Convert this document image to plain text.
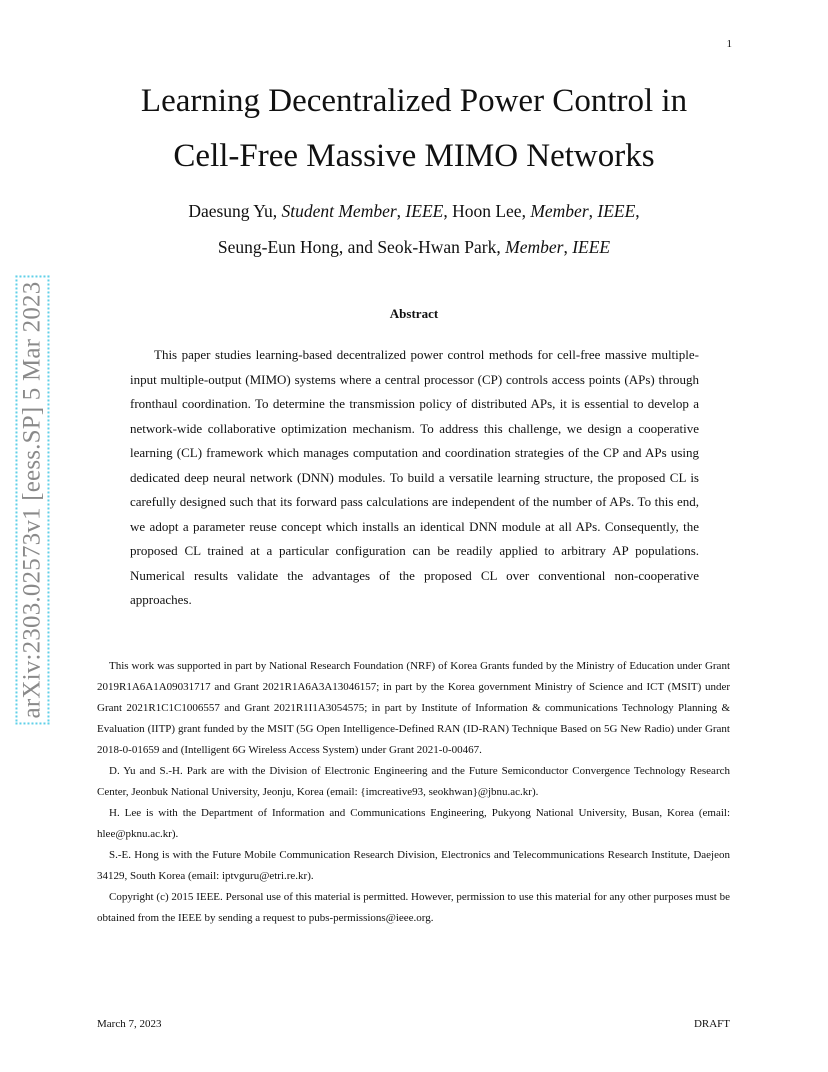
1
arXiv:2303.02573v1 [eess.SP] 5 Mar 2023
Learning Decentralized Power Control in
Cell-Free Massive MIMO Networks
Daesung Yu, Student Member, IEEE, Hoon Lee, Member, IEEE,
Seung-Eun Hong, and Seok-Hwan Park, Member, IEEE
Abstract

This paper studies learning-based decentralized power control methods for cell-free massive multiple-input multiple-output (MIMO) systems where a central processor (CP) controls access points (APs) through fronthaul coordination. To determine the transmission policy of distributed APs, it is essential to develop a network-wide collaborative optimization mechanism. To address this challenge, we design a cooperative learning (CL) framework which manages computation and coordination strategies of the CP and APs using dedicated deep neural network (DNN) modules. To build a versatile learning structure, the proposed CL is carefully designed such that its forward pass calculations are independent of the number of APs. To this end, we adopt a parameter reuse concept which installs an identical DNN module at all APs. Consequently, the proposed CL trained at a particular configuration can be readily applied to arbitrary AP populations. Numerical results validate the advantages of the proposed CL over conventional non-cooperative approaches.

This work was supported in part by National Research Foundation (NRF) of Korea Grants funded by the Ministry of Education under Grant 2019R1A6A1A09031717 and Grant 2021R1A6A3A13046157; in part by the Korea government Ministry of Science and ICT (MSIT) under Grant 2021R1C1C1006557 and Grant 2021R1I1A3054575; in part by Institute of Information & communications Technology Planning & Evaluation (IITP) grant funded by the MSIT (5G Open Intelligence-Defined RAN (ID-RAN) Technique Based on 5G New Radio) under Grant 2018-0-01659 and (Intelligent 6G Wireless Access System) under Grant 2021-0-00467.

D. Yu and S.-H. Park are with the Division of Electronic Engineering and the Future Semiconductor Convergence Technology Research Center, Jeonbuk National University, Jeonju, Korea (email: {imcreative93, seokhwan}@jbnu.ac.kr).

H. Lee is with the Department of Information and Communications Engineering, Pukyong National University, Busan, Korea (email: hlee@pknu.ac.kr).

S.-E. Hong is with the Future Mobile Communication Research Division, Electronics and Telecommunications Research Institute, Daejeon 34129, South Korea (email: iptvguru@etri.re.kr).

Copyright (c) 2015 IEEE. Personal use of this material is permitted. However, permission to use this material for any other purposes must be obtained from the IEEE by sending a request to pubs-permissions@ieee.org.

March 7, 2023	DRAFT
